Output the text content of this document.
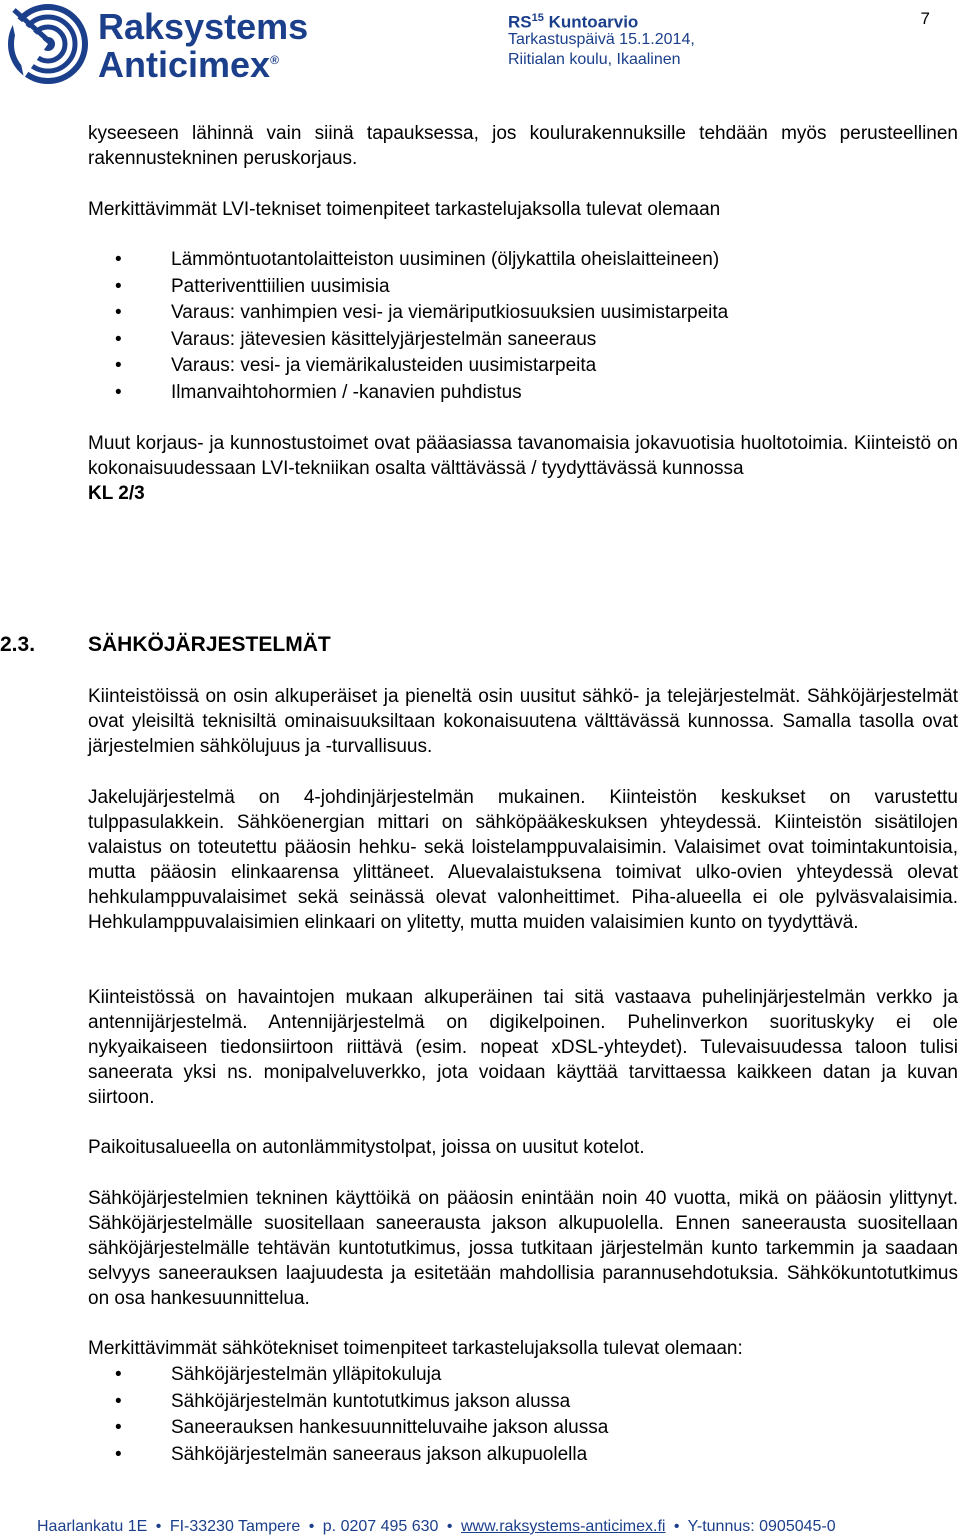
Raksystems
Anticimex®
RS$^{15}$ Kuntoarvio
Tarkastuspäivä 15.1.2014,
Riitialan koulu, Ikaalinen
7

kyseeseen lähinnä vain siinä tapauksessa, jos koulurakennuksille tehdään myös perusteellinen rakennustekninen peruskorjaus.

Merkittävimmät LVI-tekniset toimenpiteet tarkastelujaksolla tulevat olemaan

•	Lämmöntuotantolaitteiston uusiminen (öljykattila oheislaitteineen)
•	Patteriventtiilien uusimisia
•	Varaus: vanhimpien vesi- ja viemäriputkiosuuksien uusimistarpeita
•	Varaus: jätevesien käsittelyjärjestelmän saneeraus
•	Varaus: vesi- ja viemärikalusteiden uusimistarpeita
•	Ilmanvaihtohormien / -kanavien puhdistus

Muut korjaus- ja kunnostustoimet ovat pääasiassa tavanomaisia jokavuotisia huoltotoimia. Kiinteistö on kokonaisuudessaan LVI-tekniikan osalta välttävässä / tyydyttävässä kunnossa

KL 2/3

2.3.	SÄHKÖJÄRJESTELMÄT

Kiinteistöissä on osin alkuperäiset ja pieneltä osin uusitut sähkö- ja telejärjestelmät. Sähköjärjestelmät ovat yleisiltä teknisiltä ominaisuuksiltaan kokonaisuutena välttävässä kunnossa. Samalla tasolla ovat järjestelmien sähkölujuus ja -turvallisuus.

Jakelujärjestelmä on 4-johdinjärjestelmän mukainen. Kiinteistön keskukset on varustettu tulppasulakkein. Sähköenergian mittari on sähköpääkeskuksen yhteydessä. Kiinteistön sisätilojen valaistus on toteutettu pääosin hehku- sekä loistelamppuvalaisimin. Valaisimet ovat toimintakuntoisia, mutta pääosin elinkaarensa ylittäneet. Aluevalaistuksena toimivat ulko-ovien yhteydessä olevat hehkulamppuvalaisimet sekä seinässä olevat valonheittimet. Piha-alueella ei ole pylväsvalaisimia. Hehkulamppuvalaisimien elinkaari on ylitetty, mutta muiden valaisimien kunto on tyydyttävä.

Kiinteistössä on havaintojen mukaan alkuperäinen tai sitä vastaava puhelinjärjestelmän verkko ja antennijärjestelmä. Antennijärjestelmä on digikelpoinen. Puhelinverkon suorituskyky ei ole nykyaikaiseen tiedonsiirtoon riittävä (esim. nopeat xDSL-yhteydet). Tulevaisuudessa taloon tulisi saneerata yksi ns. monipalveluverkko, jota voidaan käyttää tarvittaessa kaikkeen datan ja kuvan siirtoon.

Paikoitusalueella on autonlämmitystolpat, joissa on uusitut kotelot.

Sähköjärjestelmien tekninen käyttöikä on pääosin enintään noin 40 vuotta, mikä on pääosin ylittynyt. Sähköjärjestelmälle suositellaan saneerausta jakson alkupuolella. Ennen saneerausta suositellaan sähköjärjestelmälle tehtävän kuntotutkimus, jossa tutkitaan järjestelmän kunto tarkemmin ja saadaan selvyys saneerauksen laajuudesta ja esitetään mahdollisia parannusehdotuksia. Sähkökuntotutkimus on osa hankesuunnittelua.

Merkittävimmät sähkötekniset toimenpiteet tarkastelujaksolla tulevat olemaan:

•	Sähköjärjestelmän ylläpitokuluja
•	Sähköjärjestelmän kuntotutkimus jakson alussa
•	Saneerauksen hankesuunnitteluvaihe jakson alussa
•	Sähköjärjestelmän saneeraus jakson alkupuolella
Haarlankatu 1E • FI-33230 Tampere • p. 0207 495 630 • www.raksystems-anticimex.fi • Y-tunnus: 0905045-0
